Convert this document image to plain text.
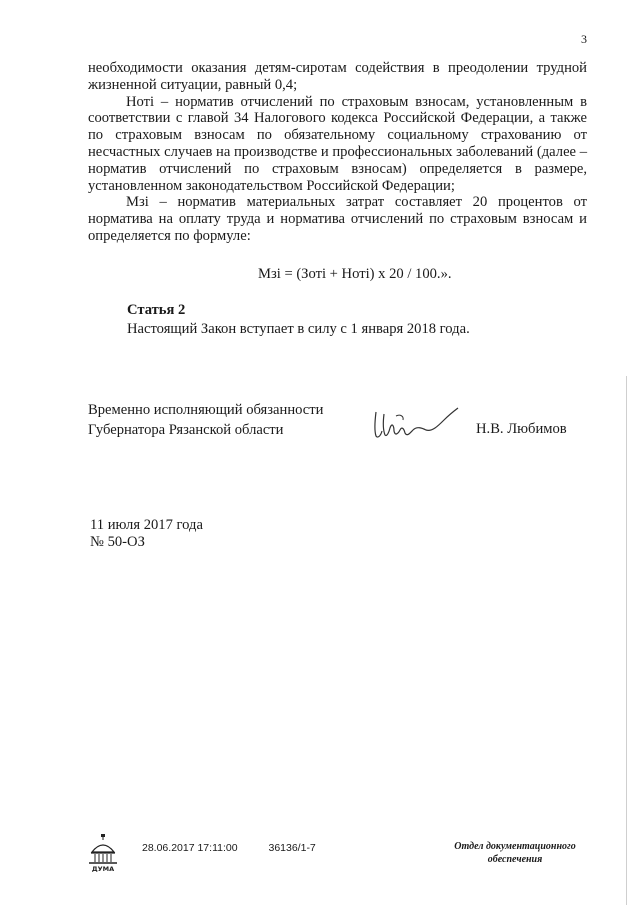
3

необходимости оказания детям-сиротам содействия в преодолении трудной жизненной ситуации, равный 0,4;

Нотi – норматив отчислений по страховым взносам, установленным в соответствии с главой 34 Налогового кодекса Российской Федерации, а также по страховым взносам по обязательному социальному страхованию от несчастных случаев на производстве и профессиональных заболеваний (далее – норматив отчислений по страховым взносам) определяется в размере, установленном законодательством Российской Федерации;

Мзi – норматив материальных затрат составляет 20 процентов от норматива на оплату труда и норматива отчислений по страховым взносам и определяется по формуле:

Мзi = (Зотi + Нотi) x 20 / 100.».
Статья 2
Настоящий Закон вступает в силу с 1 января 2018 года.
Временно исполняющий обязанности
Губернатора Рязанской области	Н.В. Любимов
11 июля 2017 года
№ 50-ОЗ
ДУМА
28.06.2017 17:11:00	36136/1-7	Отдел документационного
обеспечения
